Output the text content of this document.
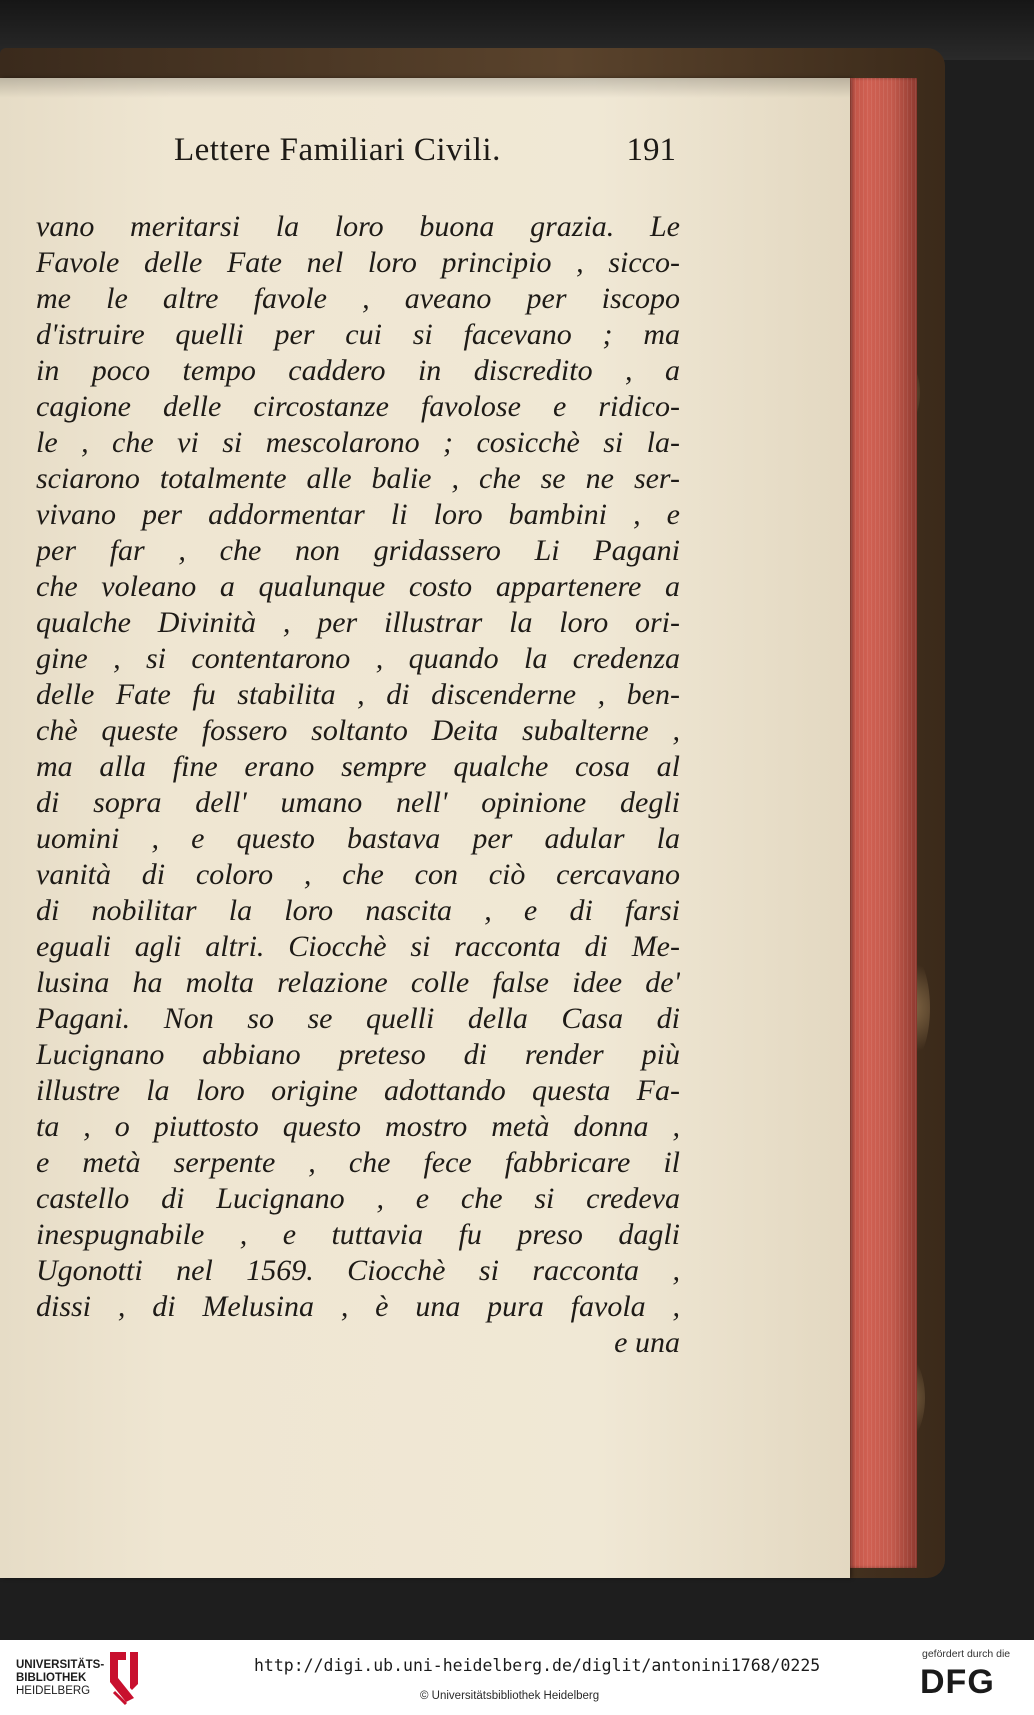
Lettere Familiari Civili.	191
vano meritarsi la loro buona grazia. Le
Favole delle Fate nel loro principio , sicco-
me le altre favole , aveano per iscopo
d'istruire quelli per cui si facevano ; ma
in poco tempo caddero in discredito , a
cagione delle circostanze favolose e ridico-
le , che vi si mescolarono ; cosicchè si la-
sciarono totalmente alle balie , che se ne ser-
vivano per addormentar li loro bambini , e
per far , che non gridassero Li Pagani
che voleano a qualunque costo appartenere a
qualche Divinità , per illustrar la loro ori-
gine , si contentarono , quando la credenza
delle Fate fu stabilita , di discenderne , ben-
chè queste fossero soltanto Deita subalterne ,
ma alla fine erano sempre qualche cosa al
di sopra dell' umano nell' opinione degli
uomini , e questo bastava per adular la
vanità di coloro , che con ciò cercavano
di nobilitar la loro nascita , e di farsi
eguali agli altri. Ciocchè si racconta di Me-
lusina ha molta relazione colle false idee de'
Pagani. Non so se quelli della Casa di
Lucignano abbiano preteso di render più
illustre la loro origine adottando questa Fa-
ta , o piuttosto questo mostro metà donna ,
e metà serpente , che fece fabbricare il
castello di Lucignano , e che si credeva
inespugnabile , e tuttavia fu preso dagli
Ugonotti nel 1569. Ciocchè si racconta ,
dissi , di Melusina , è una pura favola ,
e una
UNIVERSITÄTS-
BIBLIOTHEK
HEIDELBERG
http://digi.ub.uni-heidelberg.de/diglit/antonini1768/0225
© Universitätsbibliothek Heidelberg
gefördert durch die
DFG
